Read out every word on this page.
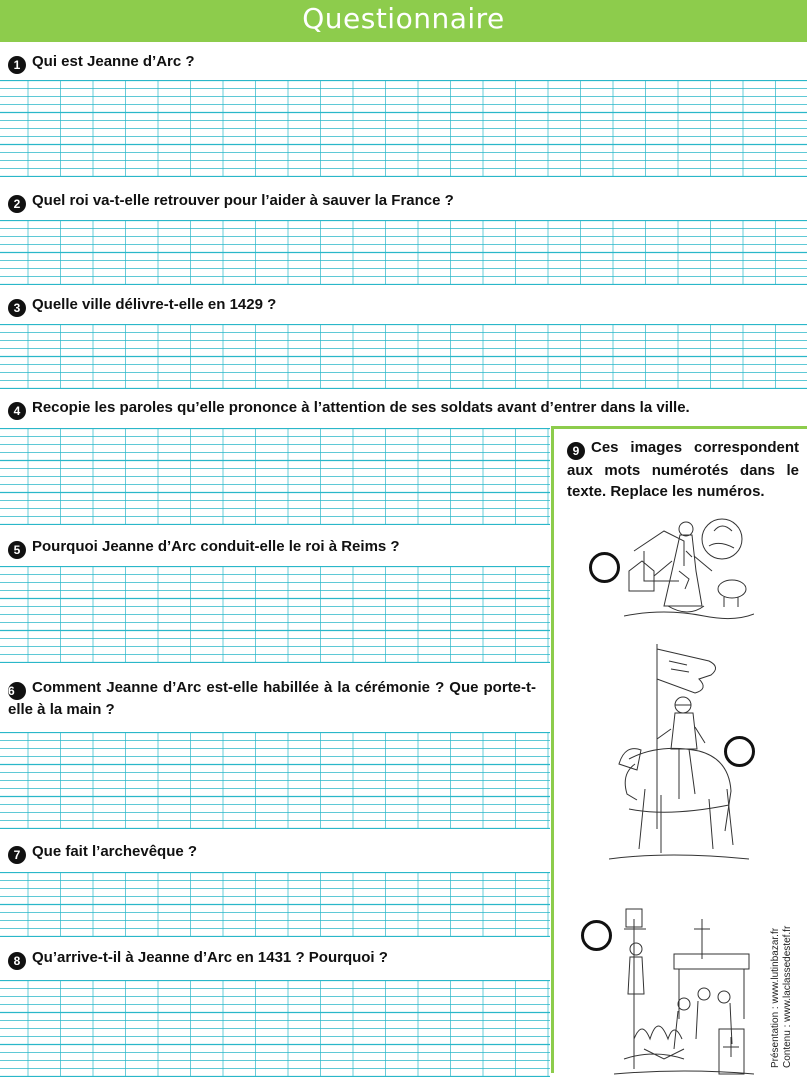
Questionnaire
1 Qui est Jeanne d’Arc ?
2 Quel roi va-t-elle retrouver pour l’aider à sauver la France ?
3 Quelle ville délivre-t-elle en 1429 ?
4 Recopie les paroles qu’elle prononce à l’attention de ses soldats avant d’entrer dans la ville.
5 Pourquoi Jeanne d’Arc conduit-elle le roi à Reims ?
6 Comment Jeanne d’Arc est-elle habillée à la cérémonie ? Que porte-t-elle à la main ?
7 Que fait l’archevêque ?
8 Qu’arrive-t-il à Jeanne d’Arc en 1431 ? Pourquoi ?
9 Ces images correspondent aux mots numérotés dans le texte. Replace les numéros.
Présentation : www.lutinbazar.fr Contenu : www.laclassedestef.fr
